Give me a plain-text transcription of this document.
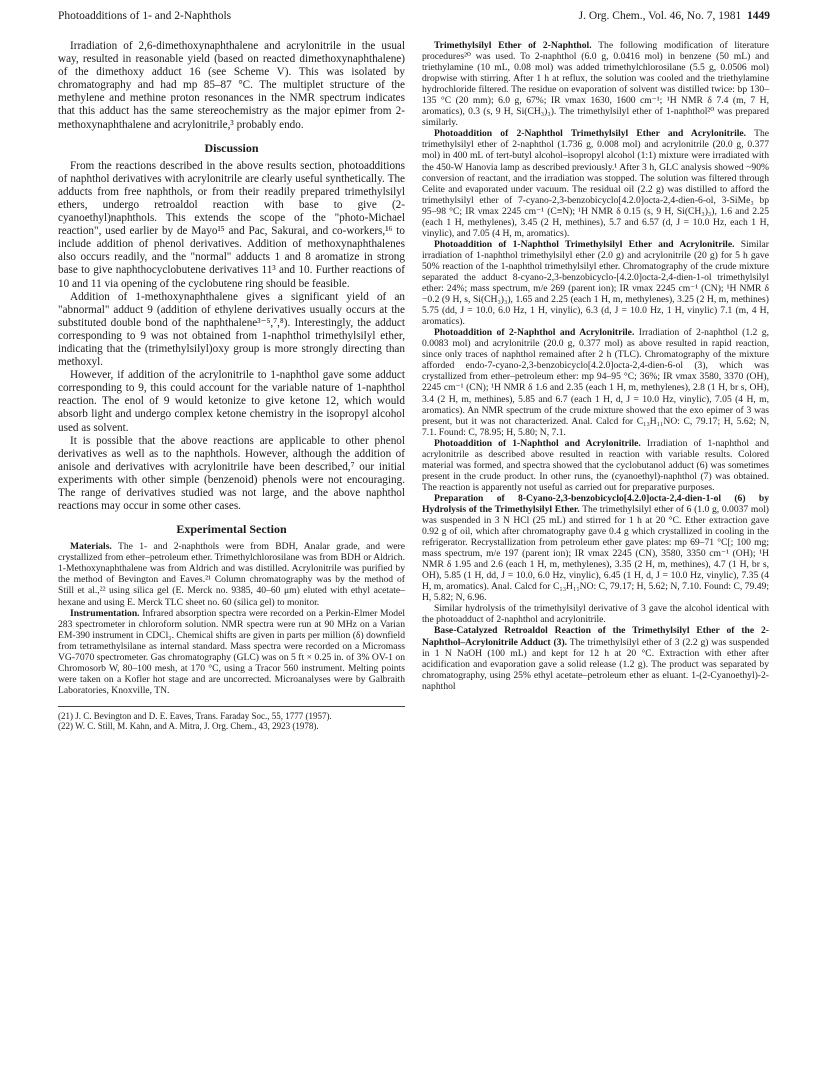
Photoadditions of 1- and 2-Naphthols	J. Org. Chem., Vol. 46, No. 7, 1981 1449

Irradiation of 2,6-dimethoxynaphthalene and acrylonitrile in the usual way, resulted in reasonable yield (based on reacted dimethoxynaphthalene) of the dimethoxy adduct 16 (see Scheme V). This was isolated by chromatography and had mp 85–87 °C. The multiplet structure of the methylene and methine proton resonances in the NMR spectrum indicates that this adduct has the same stereochemistry as the major epimer from 2-methoxynaphthalene and acrylonitrile,³ probably endo.

Discussion

From the reactions described in the above results section, photoadditions of naphthol derivatives with acrylonitrile are clearly useful synthetically. The adducts from free naphthols, or from their readily prepared trimethylsilyl ethers, undergo retroaldol reaction with base to give (2-cyanoethyl)naphthols. This extends the scope of the "photo-Michael reaction", used earlier by de Mayo¹⁵ and Pac, Sakurai, and co-workers,¹⁶ to include addition of phenol derivatives. Addition of methoxynaphthalenes also occurs readily, and the "normal" adducts 1 and 8 aromatize in strong base to give naphthocyclobutene derivatives 11³ and 10. Further reactions of 10 and 11 via opening of the cyclobutene ring should be feasible.

Addition of 1-methoxynaphthalene gives a significant yield of an "abnormal" adduct 9 (addition of ethylene derivatives usually occurs at the substituted double bond of the naphthalene³⁻⁵,⁷,⁸). Interestingly, the adduct corresponding to 9 was not obtained from 1-naphthol trimethylsilyl ether, indicating that the (trimethylsilyl)oxy group is more strongly directing than methoxyl.

However, if addition of the acrylonitrile to 1-naphthol gave some adduct corresponding to 9, this could account for the variable nature of 1-naphthol reaction. The enol of 9 would ketonize to give ketone 12, which would absorb light and undergo complex ketone chemistry in the isopropyl alcohol used as solvent.

It is possible that the above reactions are applicable to other phenol derivatives as well as to the naphthols. However, although the addition of anisole and derivatives with acrylonitrile have been described,⁷ our initial experiments with other simple (benzenoid) phenols were not encouraging. The range of derivatives studied was not large, and the above naphthol reactions may occur in some other cases.

Experimental Section

Materials. The 1- and 2-naphthols were from BDH, Analar grade, and were crystallized from ether–petroleum ether. Trimethylchlorosilane was from BDH or Aldrich. 1-Methoxynaphthalene was from Aldrich and was distilled. Acrylonitrile was purified by the method of Bevington and Eaves.²¹ Column chromatography was by the method of Still et al.,²² using silica gel (E. Merck no. 9385, 40–60 μm) eluted with ethyl acetate–hexane and using E. Merck TLC sheet no. 60 (silica gel) to monitor.

Instrumentation. Infrared absorption spectra were recorded on a Perkin-Elmer Model 283 spectrometer in chloroform solution. NMR spectra were run at 90 MHz on a Varian EM-390 instrument in CDCl₃. Chemical shifts are given in parts per million (δ) downfield from tetramethylsilane as internal standard. Mass spectra were recorded on a Micromass VG-7070 spectrometer. Gas chromatography (GLC) was on 5 ft × 0.25 in. of 3% OV-1 on Chromosorb W, 80–100 mesh, at 170 °C, using a Tracor 560 instrument. Melting points were taken on a Kofler hot stage and are uncorrected. Microanalyses were by Galbraith Laboratories, Knoxville, TN.

(21) J. C. Bevington and D. E. Eaves, Trans. Faraday Soc., 55, 1777 (1957).

(22) W. C. Still, M. Kahn, and A. Mitra, J. Org. Chem., 43, 2923 (1978).

Trimethylsilyl Ether of 2-Naphthol. The following modification of literature procedures²⁰ was used. To 2-naphthol (6.0 g, 0.0416 mol) in benzene (50 mL) and triethylamine (10 mL, 0.08 mol) was added trimethylchlorosilane (5.5 g, 0.0506 mol) dropwise with stirring. After 1 h at reflux, the solution was cooled and the triethylamine hydrochloride filtered. The residue on evaporation of solvent was distilled twice: bp 130–135 °C (20 mm); 6.0 g, 67%; IR νmax 1630, 1600 cm⁻¹; ¹H NMR δ 7.4 (m, 7 H, aromatics), 0.3 (s, 9 H, Si(CH₃)₃). The trimethylsilyl ether of 1-naphthol²⁰ was prepared similarly.

Photoaddition of 2-Naphthol Trimethylsilyl Ether and Acrylonitrile. The trimethylsilyl ether of 2-naphthol (1.736 g, 0.008 mol) and acrylonitrile (20.0 g, 0.377 mol) in 400 mL of tert-butyl alcohol–isopropyl alcohol (1:1) mixture were irradiated with the 450-W Hanovia lamp as described previously.¹ After 3 h, GLC analysis showed ~90% conversion of reactant, and the irradiation was stopped. The solution was filtered through Celite and evaporated under vacuum. The residual oil (2.2 g) was distilled to afford the trimethylsilyl ether of 7-cyano-2,3-benzobicyclo[4.2.0]octa-2,4-dien-6-ol, 3-SiMe₃ bp 95–98 °C; IR νmax 2245 cm⁻¹ (C≡N); ¹H NMR δ 0.15 (s, 9 H, Si(CH₃)₃), 1.6 and 2.25 (each 1 H, methylenes), 3.45 (2 H, methines), 5.7 and 6.57 (d, J = 10.0 Hz, each 1 H, vinylic), and 7.05 (4 H, m, aromatics).

Photoaddition of 1-Naphthol Trimethylsilyl Ether and Acrylonitrile. Similar irradiation of 1-naphthol trimethylsilyl ether (2.0 g) and acrylonitrile (20 g) for 5 h gave 50% reaction of the 1-naphthol trimethylsilyl ether. Chromatography of the crude mixture separated the adduct 8-cyano-2,3-benzobicyclo-[4.2.0]octa-2,4-dien-1-ol trimethylsilyl ether: 24%; mass spectrum, m/e 269 (parent ion); IR νmax 2245 cm⁻¹ (CN); ¹H NMR δ −0.2 (9 H, s, Si(CH₃)₃), 1.65 and 2.25 (each 1 H, m, methylenes), 3.25 (2 H, m, methines) 5.75 (dd, J = 10.0, 6.0 Hz, 1 H, vinylic), 6.3 (d, J = 10.0 Hz, 1 H, vinylic) 7.1 (m, 4 H, aromatics).

Photoaddition of 2-Naphthol and Acrylonitrile. Irradiation of 2-naphthol (1.2 g, 0.0083 mol) and acrylonitrile (20.0 g, 0.377 mol) as above resulted in rapid reaction, since only traces of naphthol remained after 2 h (TLC). Chromatography of the mixture afforded endo-7-cyano-2,3-benzobicyclo[4.2.0]octa-2,4-dien-6-ol (3), which was crystallized from ether–petroleum ether: mp 94–95 °C; 36%; IR νmax 3580, 3370 (OH), 2245 cm⁻¹ (CN); ¹H NMR δ 1.6 and 2.35 (each 1 H, m, methylenes), 2.8 (1 H, br s, OH), 3.4 (2 H, m, methines), 5.85 and 6.7 (each 1 H, d, J = 10.0 Hz, vinylic), 7.05 (4 H, m, aromatics). An NMR spectrum of the crude mixture showed that the exo epimer of 3 was present, but it was not characterized. Anal. Calcd for C₁₃H₁₁NO: C, 79.17; H, 5.62; N, 7.1. Found: C, 78.95; H, 5.80; N, 7.1.

Photoaddition of 1-Naphthol and Acrylonitrile. Irradiation of 1-naphthol and acrylonitrile as described above resulted in reaction with variable results. Colored material was formed, and spectra showed that the cyclobutanol adduct (6) was sometimes present in the crude product. In other runs, the (cyanoethyl)-naphthol (7) was obtained. The reaction is apparently not useful as carried out for preparative purposes.

Preparation of 8-Cyano-2,3-benzobicyclo[4.2.0]octa-2,4-dien-1-ol (6) by Hydrolysis of the Trimethylsilyl Ether. The trimethylsilyl ether of 6 (1.0 g, 0.0037 mol) was suspended in 3 N HCl (25 mL) and stirred for 1 h at 20 °C. Ether extraction gave 0.92 g of oil, which after chromatography gave 0.4 g which crystallized in cooling in the refrigerator. Recrystallization from petroleum ether gave plates: mp 69–71 °C[; 100 mg; mass spectrum, m/e 197 (parent ion); IR νmax 2245 (CN), 3580, 3350 cm⁻¹ (OH); ¹H NMR δ 1.95 and 2.6 (each 1 H, m, methylenes), 3.35 (2 H, m, methines), 4.7 (1 H, br s, OH), 5.85 (1 H, dd, J = 10.0, 6.0 Hz, vinylic), 6.45 (1 H, d, J = 10.0 Hz, vinylic), 7.35 (4 H, m, aromatics). Anal. Calcd for C₁₃H₁₁NO: C, 79.17; H, 5.62; N, 7.10. Found: C, 79.49; H, 5.82; N, 6.96.

Similar hydrolysis of the trimethylsilyl derivative of 3 gave the alcohol identical with the photoadduct of 2-naphthol and acrylonitrile.

Base-Catalyzed Retroaldol Reaction of the Trimethylsilyl Ether of the 2-Naphthol–Acrylonitrile Adduct (3). The trimethylsilyl ether of 3 (2.2 g) was suspended in 1 N NaOH (100 mL) and kept for 12 h at 20 °C. Extraction with ether after acidification and evaporation gave a solid release (1.2 g). The product was separated by chromatography, using 25% ethyl acetate–petroleum ether as eluant. 1-(2-Cyanoethyl)-2-naphthol
